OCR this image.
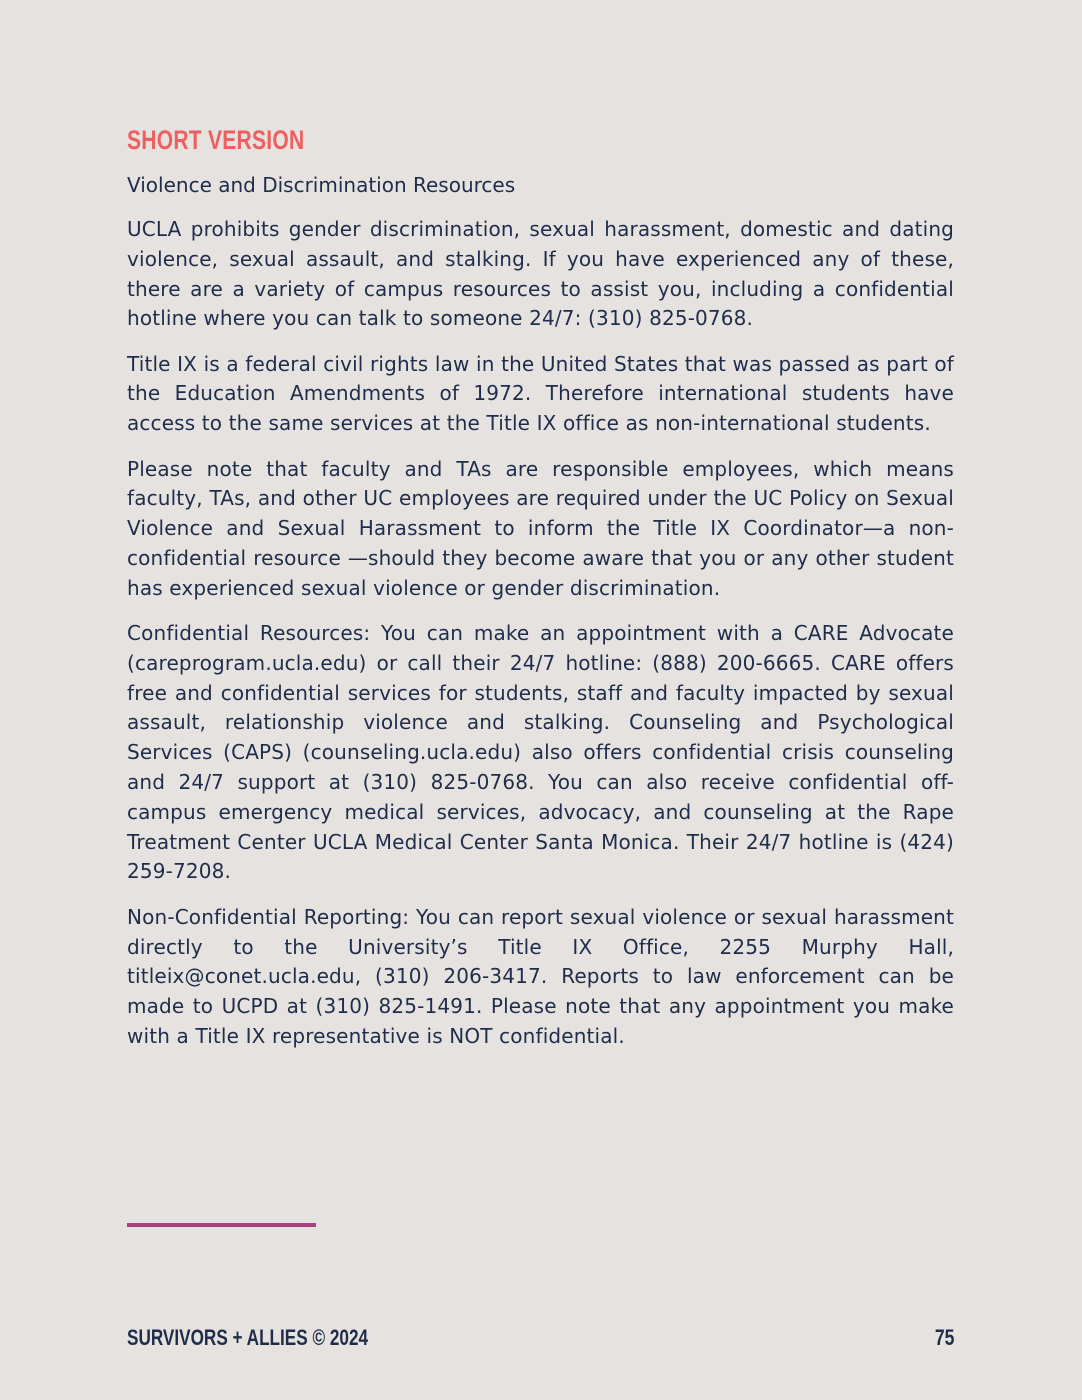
SHORT VERSION
Violence and Discrimination Resources

UCLA prohibits gender discrimination, sexual harassment, domestic and dating violence, sexual assault, and stalking. If you have experienced any of these, there are a variety of campus resources to assist you, including a confidential hotline where you can talk to someone 24/7: (310) 825-0768.

Title IX is a federal civil rights law in the United States that was passed as part of the Education Amendments of 1972. Therefore international students have access to the same services at the Title IX office as non-international students.

Please note that faculty and TAs are responsible employees, which means faculty, TAs, and other UC employees are required under the UC Policy on Sexual Violence and Sexual Harassment to inform the Title IX Coordinator—a non-confidential resource —should they become aware that you or any other student has experienced sexual violence or gender discrimination.

Confidential Resources: You can make an appointment with a CARE Advocate (careprogram.ucla.edu) or call their 24/7 hotline: (888) 200-6665. CARE offers free and confidential services for students, staff and faculty impacted by sexual assault, relationship violence and stalking. Counseling and Psychological Services (CAPS) (counseling.ucla.edu) also offers confidential crisis counseling and 24/7 support at (310) 825-0768. You can also receive confidential off-campus emergency medical services, advocacy, and counseling at the Rape Treatment Center UCLA Medical Center Santa Monica. Their 24/7 hotline is (424) 259-7208.

Non-Confidential Reporting: You can report sexual violence or sexual harassment directly to the University’s Title IX Office, 2255 Murphy Hall, titleix@conet.ucla.edu, (310) 206-3417. Reports to law enforcement can be made to UCPD at (310) 825-1491. Please note that any appointment you make with a Title IX representative is NOT confidential.

SURVIVORS + ALLIES © 2024	75
